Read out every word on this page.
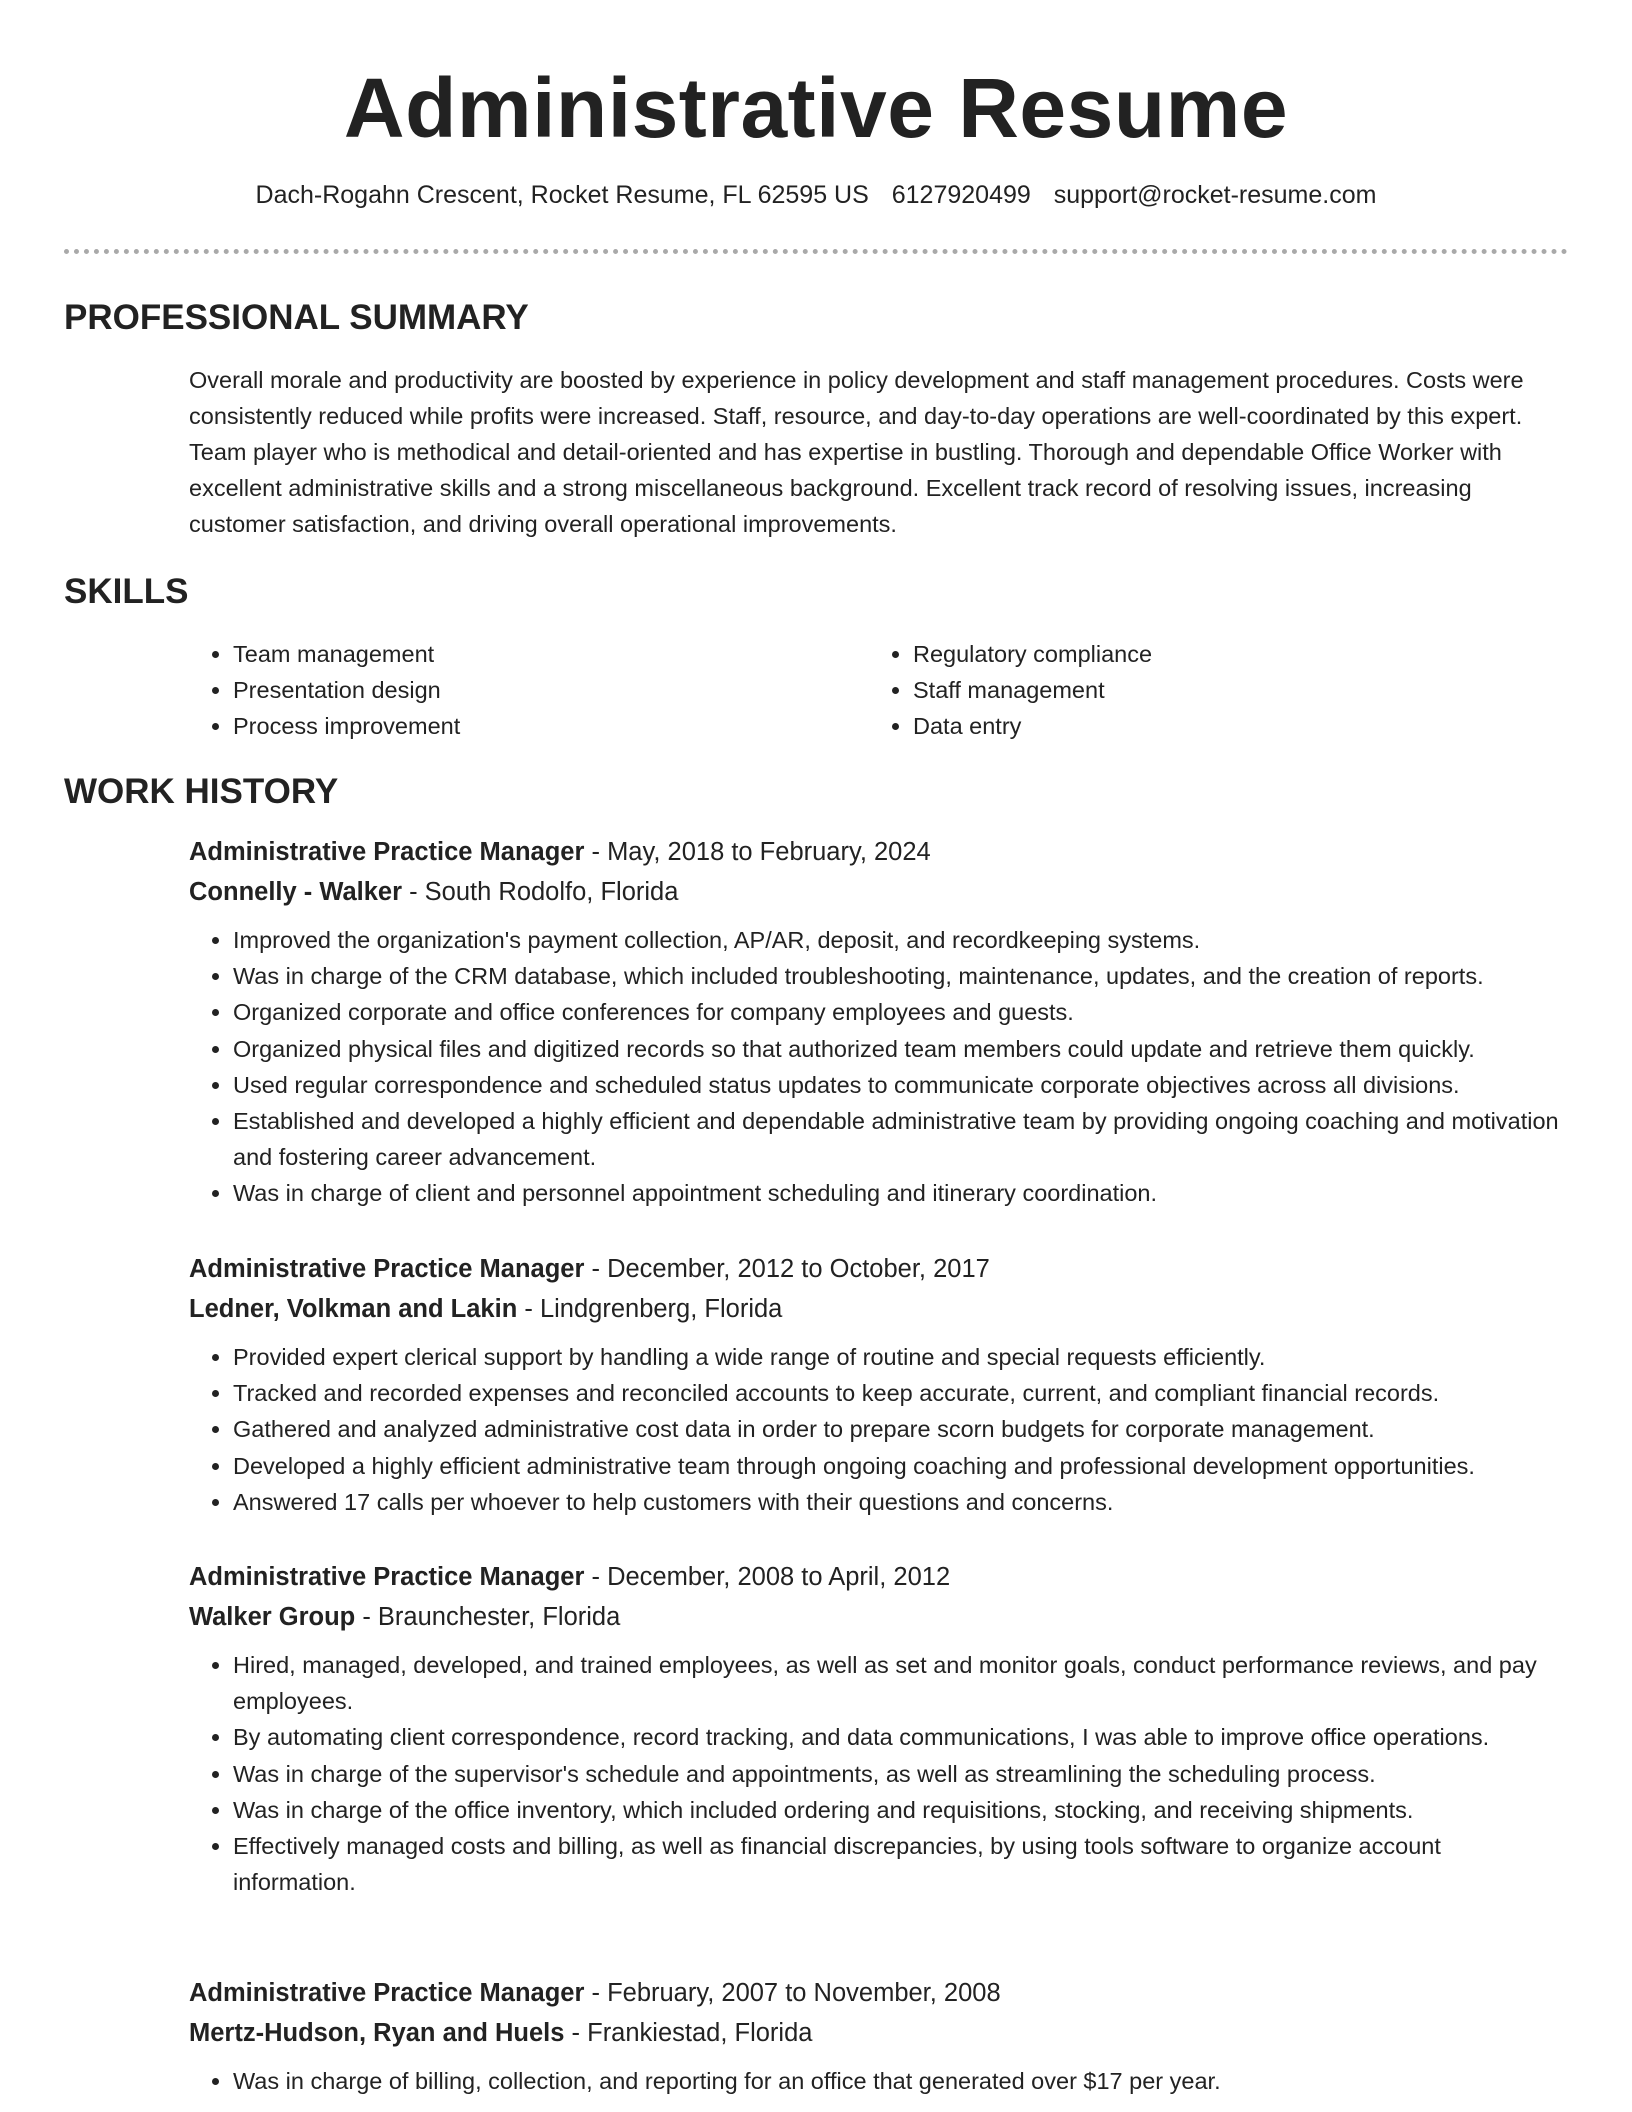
Administrative Resume
Dach-Rogahn Crescent, Rocket Resume, FL 62595 US 6127920499 support@rocket-resume.com
PROFESSIONAL SUMMARY
Overall morale and productivity are boosted by experience in policy development and staff management procedures. Costs were consistently reduced while profits were increased. Staff, resource, and day-to-day operations are well-coordinated by this expert. Team player who is methodical and detail-oriented and has expertise in bustling. Thorough and dependable Office Worker with excellent administrative skills and a strong miscellaneous background. Excellent track record of resolving issues, increasing customer satisfaction, and driving overall operational improvements.
SKILLS
• Team management
• Presentation design
• Process improvement
• Regulatory compliance
• Staff management
• Data entry
WORK HISTORY
Administrative Practice Manager - May, 2018 to February, 2024
Connelly - Walker - South Rodolfo, Florida
• Improved the organization's payment collection, AP/AR, deposit, and recordkeeping systems.
• Was in charge of the CRM database, which included troubleshooting, maintenance, updates, and the creation of reports.
• Organized corporate and office conferences for company employees and guests.
• Organized physical files and digitized records so that authorized team members could update and retrieve them quickly.
• Used regular correspondence and scheduled status updates to communicate corporate objectives across all divisions.
• Established and developed a highly efficient and dependable administrative team by providing ongoing coaching and motivation and fostering career advancement.
• Was in charge of client and personnel appointment scheduling and itinerary coordination.
Administrative Practice Manager - December, 2012 to October, 2017
Ledner, Volkman and Lakin - Lindgrenberg, Florida
• Provided expert clerical support by handling a wide range of routine and special requests efficiently.
• Tracked and recorded expenses and reconciled accounts to keep accurate, current, and compliant financial records.
• Gathered and analyzed administrative cost data in order to prepare scorn budgets for corporate management.
• Developed a highly efficient administrative team through ongoing coaching and professional development opportunities.
• Answered 17 calls per whoever to help customers with their questions and concerns.
Administrative Practice Manager - December, 2008 to April, 2012
Walker Group - Braunchester, Florida
• Hired, managed, developed, and trained employees, as well as set and monitor goals, conduct performance reviews, and pay employees.
• By automating client correspondence, record tracking, and data communications, I was able to improve office operations.
• Was in charge of the supervisor's schedule and appointments, as well as streamlining the scheduling process.
• Was in charge of the office inventory, which included ordering and requisitions, stocking, and receiving shipments.
• Effectively managed costs and billing, as well as financial discrepancies, by using tools software to organize account information.
Administrative Practice Manager - February, 2007 to November, 2008
Mertz-Hudson, Ryan and Huels - Frankiestad, Florida
• Was in charge of billing, collection, and reporting for an office that generated over $17 per year.
